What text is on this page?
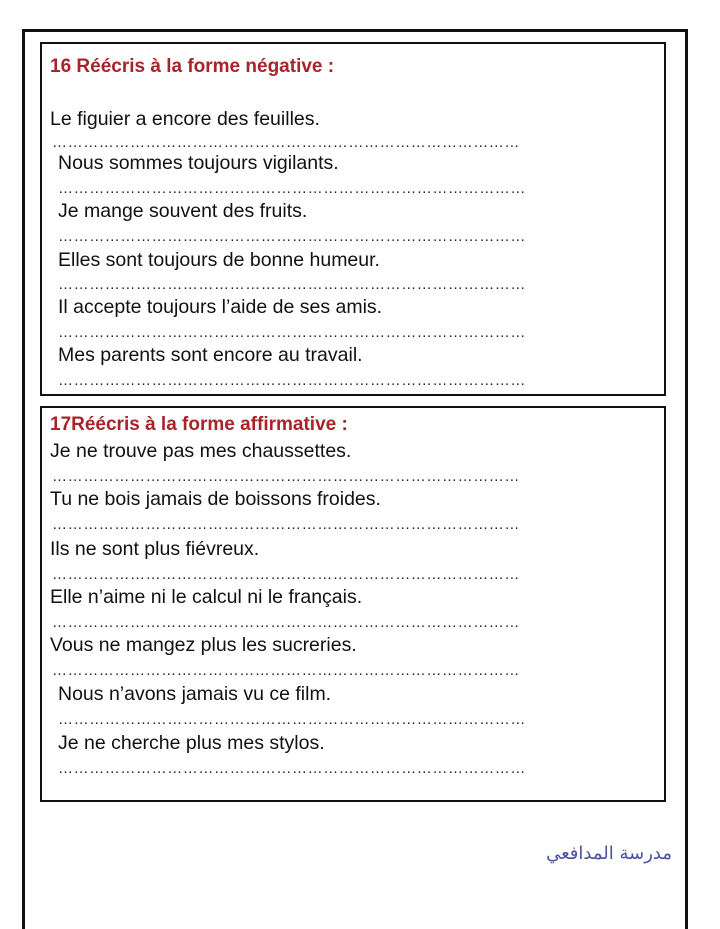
16 Réécris à la forme négative :
Le figuier a encore des feuilles.
………………………………………………………………………………
Nous sommes toujours vigilants.
………………………………………………………………………………
Je mange souvent des fruits.
………………………………………………………………………………
Elles sont toujours de bonne humeur.
………………………………………………………………………………
Il accepte toujours l’aide de ses amis.
………………………………………………………………………………
Mes parents sont encore au travail.
………………………………………………………………………………
17Réécris à la forme affirmative :
Je ne trouve pas mes chaussettes.
………………………………………………………………………………
Tu ne bois jamais de boissons froides.
………………………………………………………………………………
Ils ne sont plus fiévreux.
………………………………………………………………………………
Elle n’aime ni le calcul ni le français.
………………………………………………………………………………
Vous ne mangez plus les sucreries.
………………………………………………………………………………
Nous n’avons jamais vu ce film.
………………………………………………………………………………
Je ne cherche plus mes stylos.
………………………………………………………………………………
مدرسة المدافعي
